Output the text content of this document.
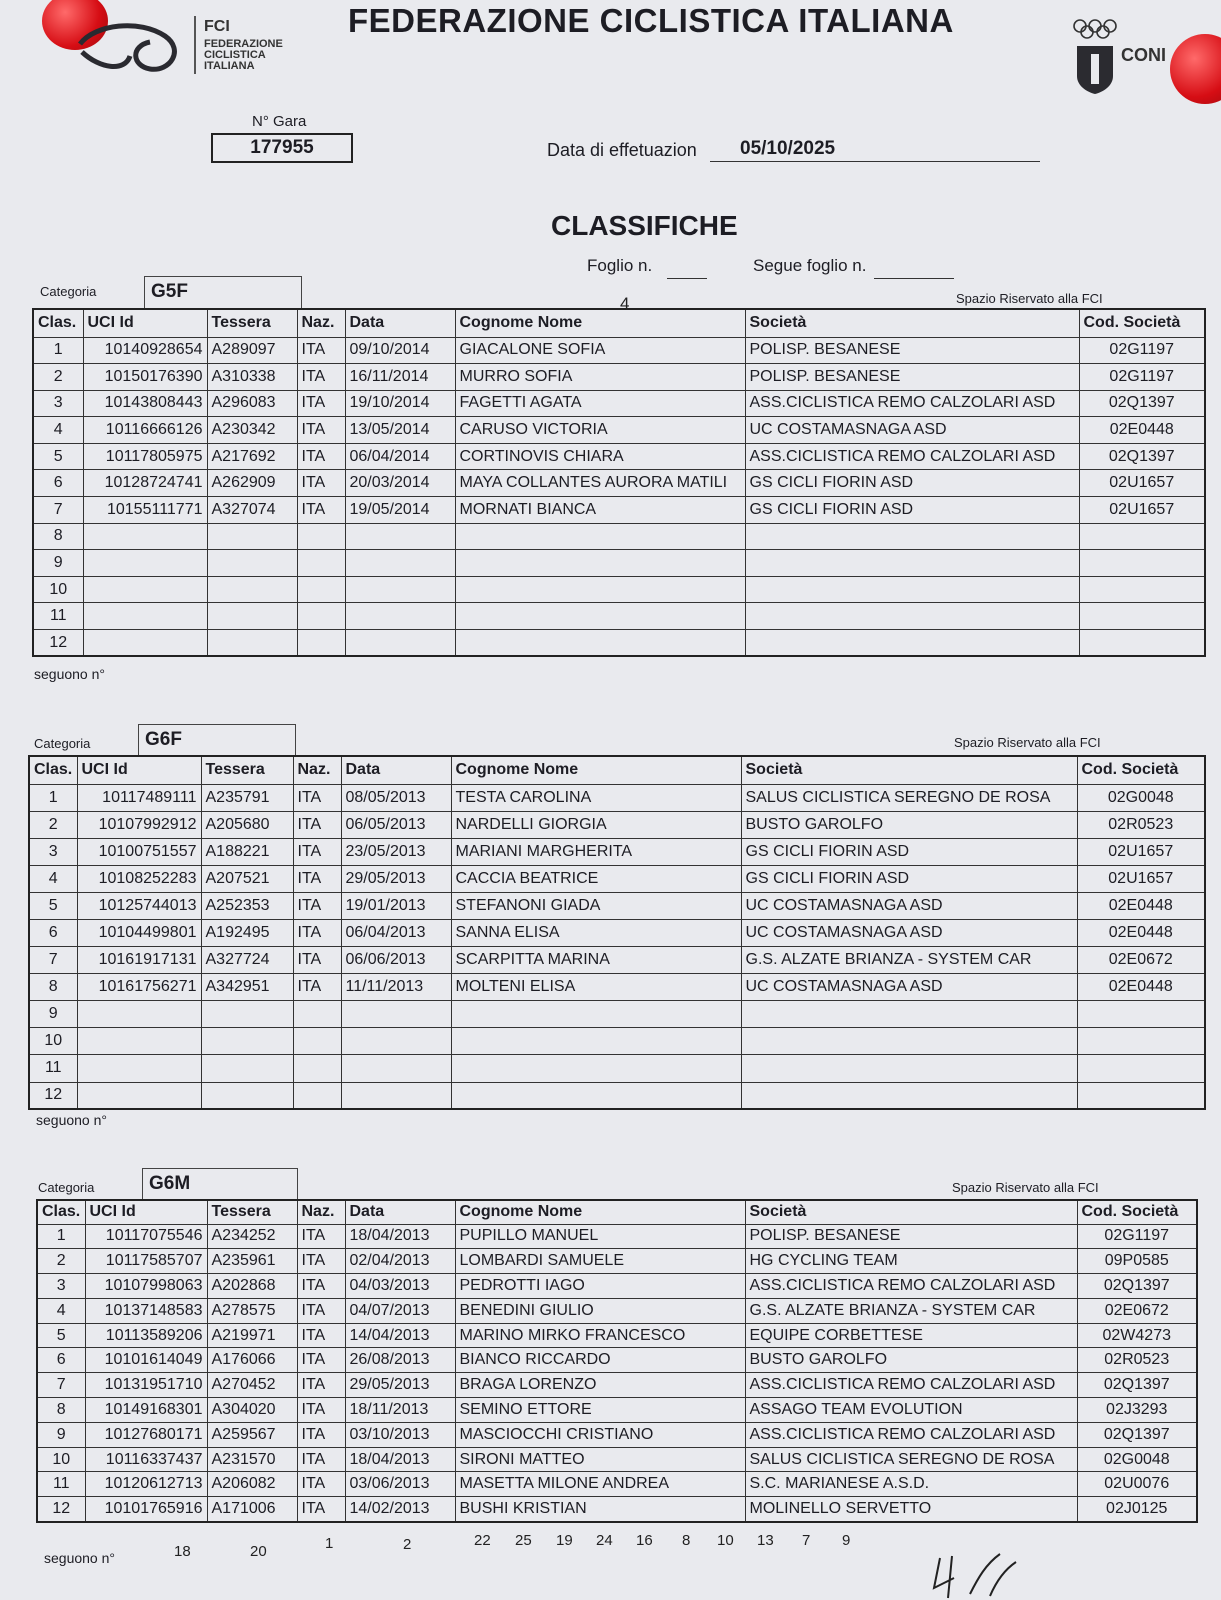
FCI
FEDERAZIONE
CICLISTICA
ITALIANA
FEDERAZIONE CICLISTICA ITALIANA
CONI
N° Gara
177955	Data di effetuazion	05/10/2025
CLASSIFICHE
Foglio n.	Segue foglio n.
4
Categoria	G5F	Spazio Riservato alla FCI
Clas.	UCI Id	Tessera	Naz.	Data	Cognome Nome	Società	Cod. Società
1	10140928654	A289097	ITA	09/10/2014	GIACALONE SOFIA	POLISP. BESANESE	02G1197
2	10150176390	A310338	ITA	16/11/2014	MURRO SOFIA	POLISP. BESANESE	02G1197
3	10143808443	A296083	ITA	19/10/2014	FAGETTI AGATA	ASS.CICLISTICA REMO CALZOLARI ASD	02Q1397
4	10116666126	A230342	ITA	13/05/2014	CARUSO VICTORIA	UC COSTAMASNAGA ASD	02E0448
5	10117805975	A217692	ITA	06/04/2014	CORTINOVIS CHIARA	ASS.CICLISTICA REMO CALZOLARI ASD	02Q1397
6	10128724741	A262909	ITA	20/03/2014	MAYA COLLANTES AURORA MATILI	GS CICLI FIORIN ASD	02U1657
7	10155111771	A327074	ITA	19/05/2014	MORNATI BIANCA	GS CICLI FIORIN ASD	02U1657
8							
9							
10							
11							
12							
seguono n°
Categoria	G6F	Spazio Riservato alla FCI
Clas.	UCI Id	Tessera	Naz.	Data	Cognome Nome	Società	Cod. Società
1	10117489111	A235791	ITA	08/05/2013	TESTA CAROLINA	SALUS CICLISTICA SEREGNO DE ROSA	02G0048
2	10107992912	A205680	ITA	06/05/2013	NARDELLI GIORGIA	BUSTO GAROLFO	02R0523
3	10100751557	A188221	ITA	23/05/2013	MARIANI MARGHERITA	GS CICLI FIORIN ASD	02U1657
4	10108252283	A207521	ITA	29/05/2013	CACCIA BEATRICE	GS CICLI FIORIN ASD	02U1657
5	10125744013	A252353	ITA	19/01/2013	STEFANONI GIADA	UC COSTAMASNAGA ASD	02E0448
6	10104499801	A192495	ITA	06/04/2013	SANNA ELISA	UC COSTAMASNAGA ASD	02E0448
7	10161917131	A327724	ITA	06/06/2013	SCARPITTA MARINA	G.S. ALZATE BRIANZA - SYSTEM CAR	02E0672
8	10161756271	A342951	ITA	11/11/2013	MOLTENI ELISA	UC COSTAMASNAGA ASD	02E0448
9							
10							
11							
12							
seguono n°
Categoria	G6M	Spazio Riservato alla FCI
Clas.	UCI Id	Tessera	Naz.	Data	Cognome Nome	Società	Cod. Società
1	10117075546	A234252	ITA	18/04/2013	PUPILLO MANUEL	POLISP. BESANESE	02G1197
2	10117585707	A235961	ITA	02/04/2013	LOMBARDI SAMUELE	HG CYCLING TEAM	09P0585
3	10107998063	A202868	ITA	04/03/2013	PEDROTTI IAGO	ASS.CICLISTICA REMO CALZOLARI ASD	02Q1397
4	10137148583	A278575	ITA	04/07/2013	BENEDINI GIULIO	G.S. ALZATE BRIANZA - SYSTEM CAR	02E0672
5	10113589206	A219971	ITA	14/04/2013	MARINO MIRKO FRANCESCO	EQUIPE CORBETTESE	02W4273
6	10101614049	A176066	ITA	26/08/2013	BIANCO RICCARDO	BUSTO GAROLFO	02R0523
7	10131951710	A270452	ITA	29/05/2013	BRAGA LORENZO	ASS.CICLISTICA REMO CALZOLARI ASD	02Q1397
8	10149168301	A304020	ITA	18/11/2013	SEMINO ETTORE	ASSAGO TEAM EVOLUTION	02J3293
9	10127680171	A259567	ITA	03/10/2013	MASCIOCCHI CRISTIANO	ASS.CICLISTICA REMO CALZOLARI ASD	02Q1397
10	10116337437	A231570	ITA	18/04/2013	SIRONI MATTEO	SALUS CICLISTICA SEREGNO DE ROSA	02G0048
11	10120612713	A206082	ITA	03/06/2013	MASETTA MILONE ANDREA	S.C. MARIANESE A.S.D.	02U0076
12	10101765916	A171006	ITA	14/02/2013	BUSHI KRISTIAN	MOLINELLO SERVETTO	02J0125
seguono n°	18	20	1	2	22 25 19 24 16 8 10 13 7 9
